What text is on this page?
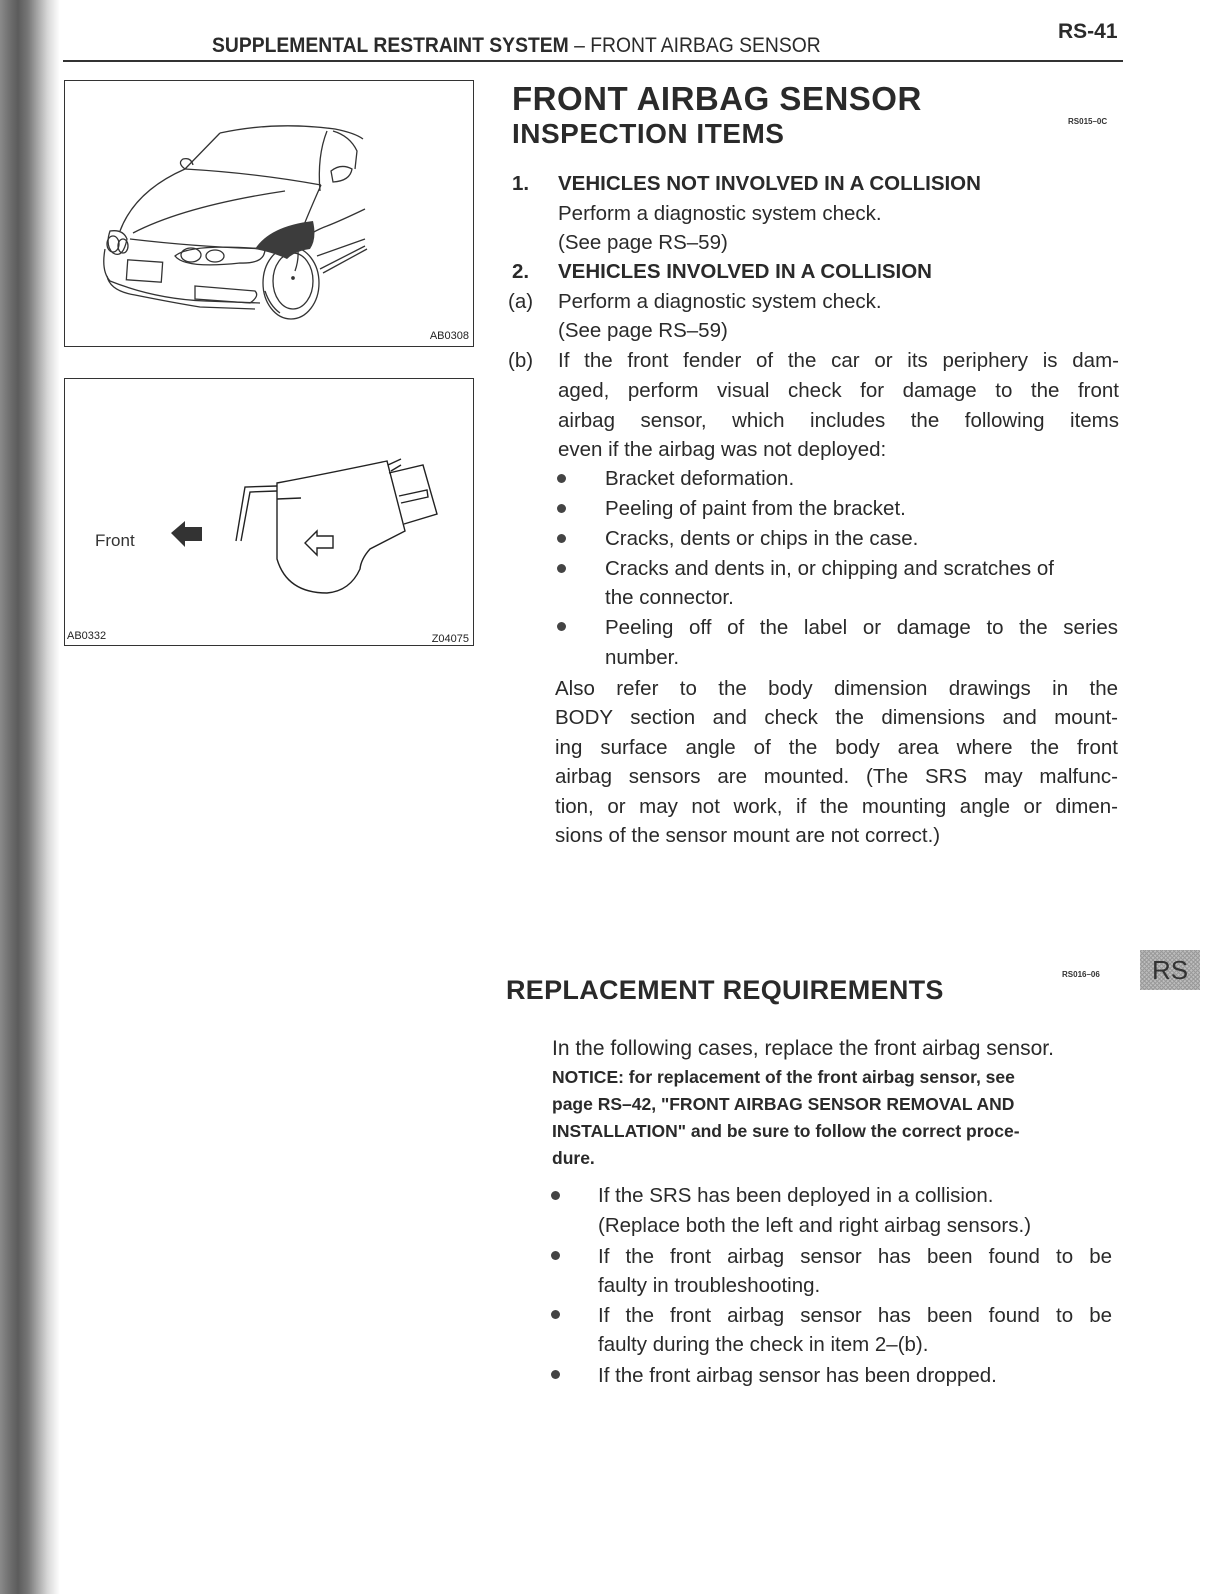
SUPPLEMENTAL RESTRAINT SYSTEM – FRONT AIRBAG SENSOR
RS-41
AB0308
Front
AB0332	Z04075
FRONT AIRBAG SENSOR
INSPECTION ITEMS	RS015–0C
1. VEHICLES NOT INVOLVED IN A COLLISION
Perform a diagnostic system check.
(See page RS–59)
2. VEHICLES INVOLVED IN A COLLISION
(a) Perform a diagnostic system check.
(See page RS–59)
(b) If the front fender of the car or its periphery is dam-
aged, perform visual check for damage to the front
airbag sensor, which includes the following items
even if the airbag was not deployed:
Bracket deformation.
Peeling of paint from the bracket.
Cracks, dents or chips in the case.
Cracks and dents in, or chipping and scratches of
the connector.
Peeling off of the label or damage to the series
number.
Also refer to the body dimension drawings in the
BODY section and check the dimensions and mount-
ing surface angle of the body area where the front
airbag sensors are mounted. (The SRS may malfunc-
tion, or may not work, if the mounting angle or dimen-
sions of the sensor mount are not correct.)
RS
REPLACEMENT REQUIREMENTS
RS016–06
In the following cases, replace the front airbag sensor.
NOTICE: for replacement of the front airbag sensor, see
page RS–42, "FRONT AIRBAG SENSOR REMOVAL AND
INSTALLATION" and be sure to follow the correct proce-
dure.
If the SRS has been deployed in a collision.
(Replace both the left and right airbag sensors.)
If the front airbag sensor has been found to be
faulty in troubleshooting.
If the front airbag sensor has been found to be
faulty during the check in item 2–(b).
If the front airbag sensor has been dropped.
